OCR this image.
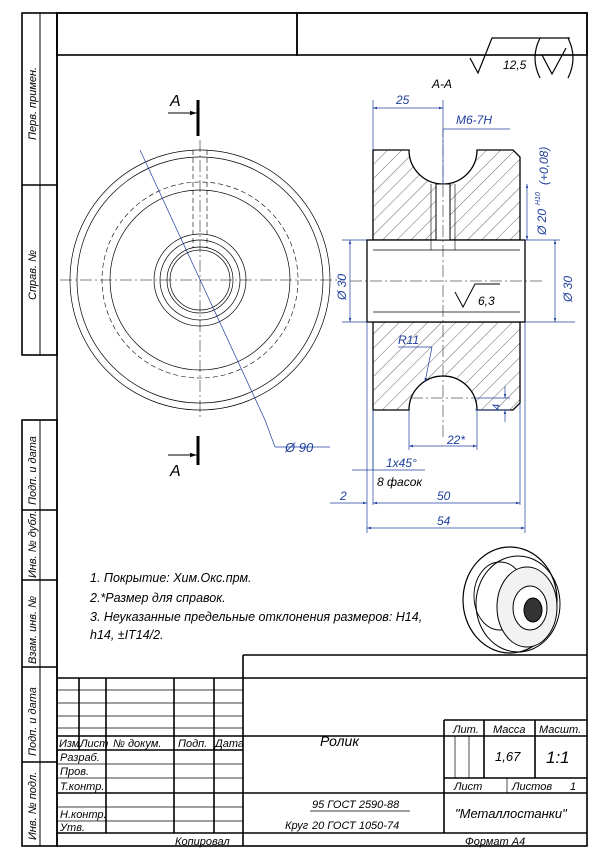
Перв. примен.
Справ. №
Подп. и дата
Инв. № дубл.
Взам. инв. №
Подп. и дата
Инв. № подл.
12,5
Ø 90
А
А
А-А
25
М6-7Н
Ø 30
Ø 20
H10
(+0,08)
Ø 30
6,3
R11
4
22*
1x45°
8 фасок
2	50
54
1. Покрытие: Хим.Окс.прм.
2.*Размер для справок.
3. Неуказанные предельные отклонения размеров: H14,
h14, ±IT14/2.
Изм.
Лист № докум. Подп. Дата
Разраб.
Пров.
Т.контр.
Н.контр.
Утв.
Ролик
Лит. Масса Масшт.
1,67 1:1
Лист	Листов 1
95 ГОСТ 2590-88
Круг 20 ГОСТ 1050-74
"Металлостанки"
Копировал	Формат А4
